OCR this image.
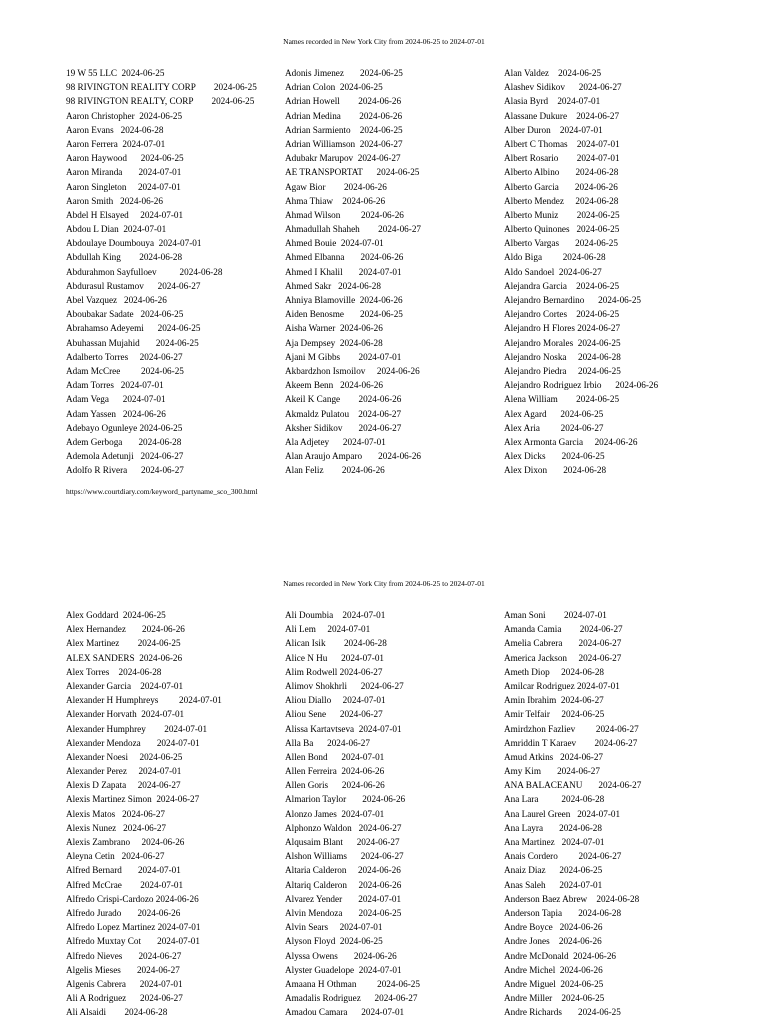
Names recorded in New York City from 2024-06-25 to 2024-07-01
19 W 55 LLC  2024-06-25
98 RIVINGTON REALITY CORP        2024-06-25
98 RIVINGTON REALTY, CORP        2024-06-25
Aaron Christopher  2024-06-25
Aaron Evans   2024-06-28
Aaron Ferrera  2024-07-01
Aaron Haywood      2024-06-25
Aaron Miranda       2024-07-01
Aaron Singleton     2024-07-01
Aaron Smith   2024-06-26
Abdel H Elsayed     2024-07-01
Abdou L Dian  2024-07-01
Abdoulaye Doumbouya  2024-07-01
Abdullah King        2024-06-28
Abdurahmon Sayfulloev          2024-06-28
Abdurasul Rustamov      2024-06-27
Abel Vazquez   2024-06-26
Aboubakar Sadate   2024-06-25
Abrahamso Adeyemi      2024-06-25
Abuhassan Mujahid       2024-06-25
Adalberto Torres     2024-06-27
Adam McCree         2024-06-25
Adam Torres   2024-07-01
Adam Vega      2024-07-01
Adam Yassen   2024-06-26
Adebayo Ogunleye 2024-06-25
Adem Gerboga       2024-06-28
Ademola Adetunji   2024-06-27
Adolfo R Rivera      2024-06-27
Adonis Jimenez       2024-06-25
Adrian Colon  2024-06-25
Adrian Howell        2024-06-26
Adrian Medina        2024-06-26
Adrian Sarmiento    2024-06-25
Adrian Williamson  2024-06-27
Adubakr Marupov  2024-06-27
AE TRANSPORTAT      2024-06-25
Agaw Bior        2024-06-26
Ahma Thiaw    2024-06-26
Ahmad Wilson         2024-06-26
Ahmadullah Shaheh        2024-06-27
Ahmed Bouie  2024-07-01
Ahmed Elbanna       2024-06-26
Ahmed I Khalil       2024-07-01
Ahmed Sakr   2024-06-28
Ahniya Blamoville  2024-06-26
Aiden Benosme       2024-06-25
Aisha Warner  2024-06-26
Aja Dempsey  2024-06-28
Ajani M Gibbs        2024-07-01
Akbardzhon Ismoilov     2024-06-26
Akeem Benn   2024-06-26
Akeil K Cange        2024-06-26
Akmaldz Pulatou    2024-06-27
Aksher Sidikov       2024-06-27
Ala Adjetey      2024-07-01
Alan Araujo Amparo       2024-06-26
Alan Feliz        2024-06-26
Alan Valdez    2024-06-25
Alashev Sidikov      2024-06-27
Alasia Byrd    2024-07-01
Alassane Dukure    2024-06-27
Alber Duron    2024-07-01
Albert C Thomas    2024-07-01
Albert Rosario        2024-07-01
Alberto Albino       2024-06-28
Alberto Garcia       2024-06-26
Alberto Mendez     2024-06-28
Alberto Muniz        2024-06-25
Alberto Quinones   2024-06-25
Alberto Vargas       2024-06-25
Aldo Biga         2024-06-28
Aldo Sandoel  2024-06-27
Alejandra Garcia    2024-06-25
Alejandro Bernardino      2024-06-25
Alejandro Cortes    2024-06-25
Alejandro H Flores 2024-06-27
Alejandro Morales  2024-06-25
Alejandro Noska     2024-06-28
Alejandro Piedra     2024-06-25
Alejandro Rodriguez Irbio      2024-06-26
Alena William        2024-06-25
Alex Agard      2024-06-25
Alex Aria         2024-06-27
Alex Armonta Garcia     2024-06-26
Alex Dicks       2024-06-25
Alex Dixon       2024-06-28
https://www.courtdiary.com/keyword_partyname_sco_300.html
Names recorded in New York City from 2024-06-25 to 2024-07-01
Alex Goddard  2024-06-25
Alex Hernandez       2024-06-26
Alex Martinez        2024-06-25
ALEX SANDERS  2024-06-26
Alex Torres    2024-06-28
Alexander Garcia    2024-07-01
Alexander H Humphreys         2024-07-01
Alexander Horvath  2024-07-01
Alexander Humphrey        2024-07-01
Alexander Mendoza       2024-07-01
Alexander Noesi     2024-06-25
Alexander Perez     2024-07-01
Alexis D Zapata     2024-06-27
Alexis Martinez Simon  2024-06-27
Alexis Matos   2024-06-27
Alexis Nunez   2024-06-27
Alexis Zambrano     2024-06-26
Aleyna Cetin   2024-06-27
Alfred Bernard       2024-07-01
Alfred McCrae        2024-07-01
Alfredo Crispi-Cardozo 2024-06-26
Alfredo Jurado       2024-06-26
Alfredo Lopez Martinez 2024-07-01
Alfredo Muxtay Cot       2024-07-01
Alfredo Nieves       2024-06-27
Algelis Mieses       2024-06-27
Algenis Cabrera      2024-07-01
Ali A Rodriguez      2024-06-27
Ali Alsaidi        2024-06-28
Ali Doumbia    2024-07-01
Ali Lem     2024-07-01
Alican Isik        2024-06-28
Alice N Hu      2024-07-01
Alim Rodwell 2024-06-27
Alimov Shokhrli      2024-06-27
Aliou Diallo     2024-07-01
Aliou Sene      2024-06-27
Alissa Kartavtseva  2024-07-01
Alla Ba      2024-06-27
Allen Bond      2024-07-01
Allen Ferreira  2024-06-26
Allen Goris      2024-06-26
Almarion Taylor       2024-06-26
Alonzo James  2024-07-01
Alphonzo Waldon   2024-06-27
Alqusaim Blant      2024-06-27
Alshon Williams      2024-06-27
Altaria Calderon     2024-06-26
Altariq Calderon     2024-06-26
Alvarez Yender       2024-07-01
Alvin Mendoza       2024-06-25
Alvin Sears     2024-07-01
Alyson Floyd  2024-06-25
Alyssa Owens       2024-06-26
Alyster Guadelope  2024-07-01
Amaana H Othman         2024-06-25
Amadalis Rodriguez      2024-06-27
Amadou Camara      2024-07-01
Aman Soni        2024-07-01
Amanda Camia        2024-06-27
Amelia Cabrera       2024-06-27
America Jackson     2024-06-27
Ameth Diop     2024-06-28
Amilcar Rodriguez 2024-07-01
Amin Ibrahim  2024-06-27
Amir Telfair     2024-06-25
Amirdzhon Fazliev         2024-06-27
Amriddin T Karaev        2024-06-27
Amud Atkins   2024-06-27
Amy Kim       2024-06-27
ANA BALACEANU       2024-06-27
Ana Lara          2024-06-28
Ana Laurel Green   2024-07-01
Ana Layra       2024-06-28
Ana Martinez   2024-07-01
Anais Cordero         2024-06-27
Anaiz Diaz      2024-06-25
Anas Saleh      2024-07-01
Anderson Baez Abrew    2024-06-28
Anderson Tapia       2024-06-28
Andre Boyce   2024-06-26
Andre Jones    2024-06-26
Andre McDonald  2024-06-26
Andre Michel  2024-06-26
Andre Miguel  2024-06-25
Andre Miller    2024-06-25
Andre Richards       2024-06-25
